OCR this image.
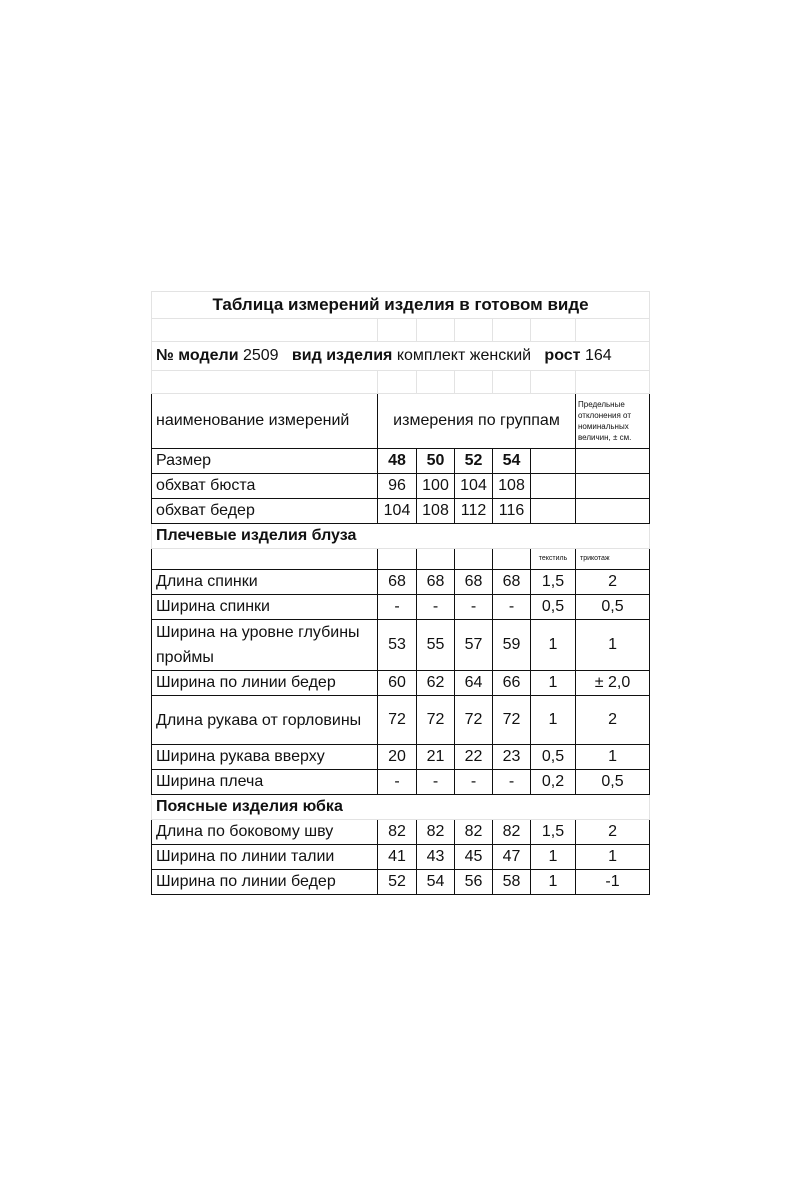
Таблица измерений изделия в готовом виде						

№ модели 2509 вид изделия комплект женский рост 164						

наименование измерений	измерения по группам					Предельные отклонения от номинальных величин, ± см.
Размер	48	50	52	54		
обхват бюста	96	100	104	108		
обхват бедер	104	108	112	116		
Плечевые изделия блуза						
					текстиль	трикотаж
Длина спинки	68	68	68	68	1,5	2
Ширина спинки	-	-	-	-	0,5	0,5
Ширина на уровне глубины проймы	53	55	57	59	1	1
Ширина по линии бедер	60	62	64	66	1	± 2,0
Длина рукава от горловины	72	72	72	72	1	2
Ширина рукава вверху	20	21	22	23	0,5	1
Ширина плеча	-	-	-	-	0,2	0,5
Поясные изделия юбка						
Длина по боковому шву	82	82	82	82	1,5	2
Ширина по линии талии	41	43	45	47	1	1
Ширина по линии бедер	52	54	56	58	1	-1
